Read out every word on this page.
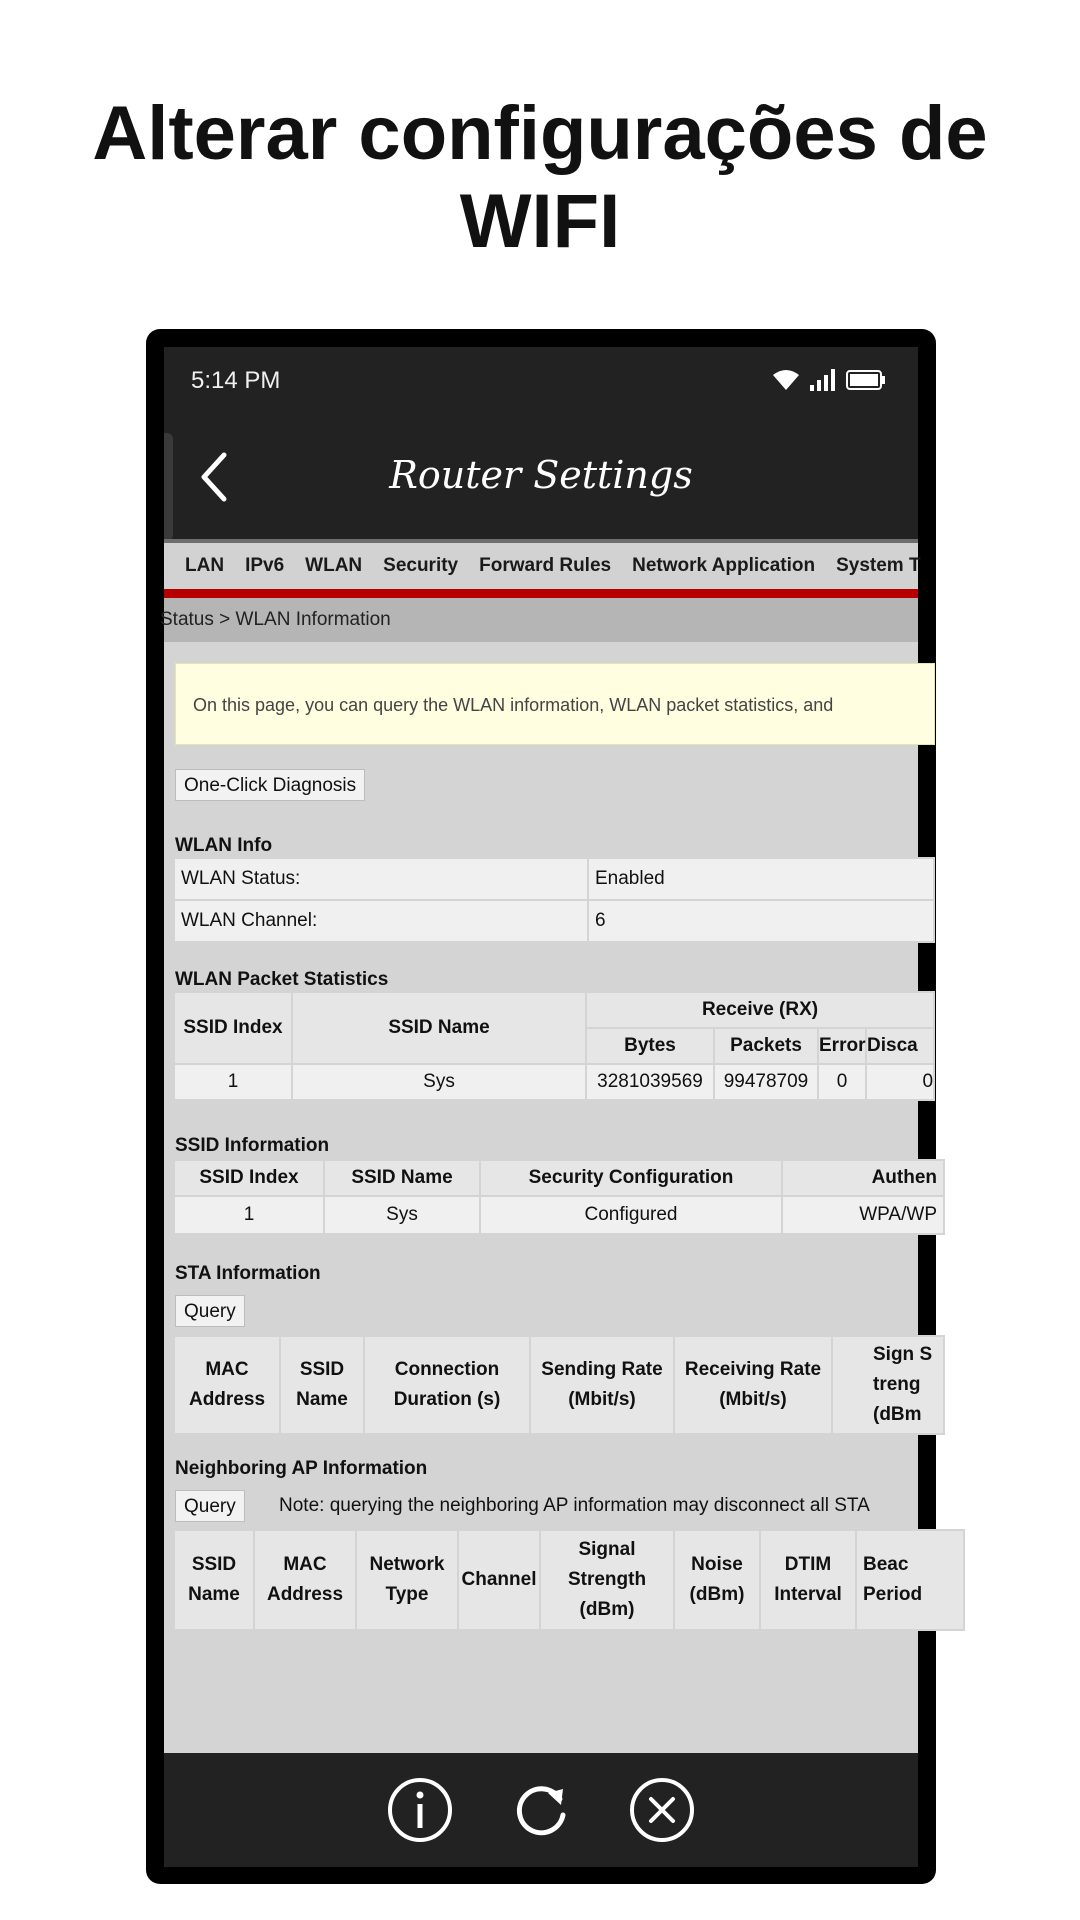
Alterar configurações de
WIFI
5:14 PM
Router Settings
LAN IPv6 WLAN Security Forward Rules Network Application System T
Status > WLAN Information
On this page, you can query the WLAN information, WLAN packet statistics, and
One-Click Diagnosis
WLAN Info
WLAN Status:	Enabled
WLAN Channel:	6
WLAN Packet Statistics
SSID Index	SSID Name	Receive (RX)			
		Bytes	Packets	Error	Disca
1	Sys	3281039569	99478709	0	0
SSID Information
SSID Index	SSID Name	Security Configuration	Authen
1	Sys	Configured	WPA/WP
STA Information
Query
MAC Address	SSID Name	Connection Duration (s)	Sending Rate (Mbit/s)	Receiving Rate (Mbit/s)	Sign Streng (dBm
Neighboring AP Information
Query	Note: querying the neighboring AP information may disconnect all STA
SSID Name	MAC Address	Network Type	Channel	Signal Strength (dBm)	Noise (dBm)	DTIM Interval	Beac Period
